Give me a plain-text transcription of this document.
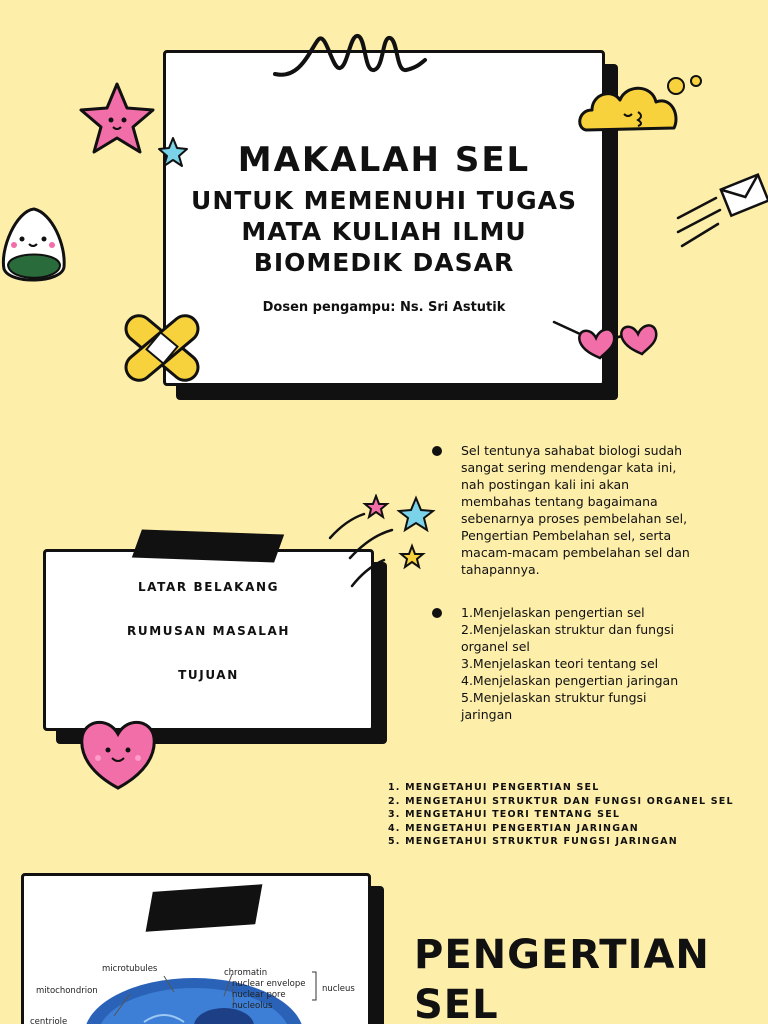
MAKALAH SEL
UNTUK MEMENUHI TUGAS
MATA KULIAH ILMU
BIOMEDIK DASAR
Dosen pengampu: Ns. Sri Astutik
LATAR BELAKANG
RUMUSAN MASALAH
TUJUAN
Sel tentunya sahabat biologi sudah sangat sering mendengar kata ini, nah postingan kali ini akan membahas tentang bagaimana sebenarnya proses pembelahan sel, Pengertian Pembelahan sel, serta macam-macam pembelahan sel dan tahapannya.
1.Menjelaskan pengertian sel
2.Menjelaskan struktur dan fungsi organel sel
3.Menjelaskan teori tentang sel
4.Menjelaskan pengertian jaringan
5.Menjelaskan struktur fungsi jaringan
1. MENGETAHUI PENGERTIAN SEL
2. MENGETAHUI STRUKTUR DAN FUNGSI ORGANEL SEL
3. MENGETAHUI TEORI TENTANG SEL
4. MENGETAHUI PENGERTIAN JARINGAN
5. MENGETAHUI STRUKTUR FUNGSI JARINGAN
microtubules
mitochondrion
centriole
chromatin
nuclear envelope
nuclear pore
nucleolus
nucleus
PENGERTIAN
SEL
